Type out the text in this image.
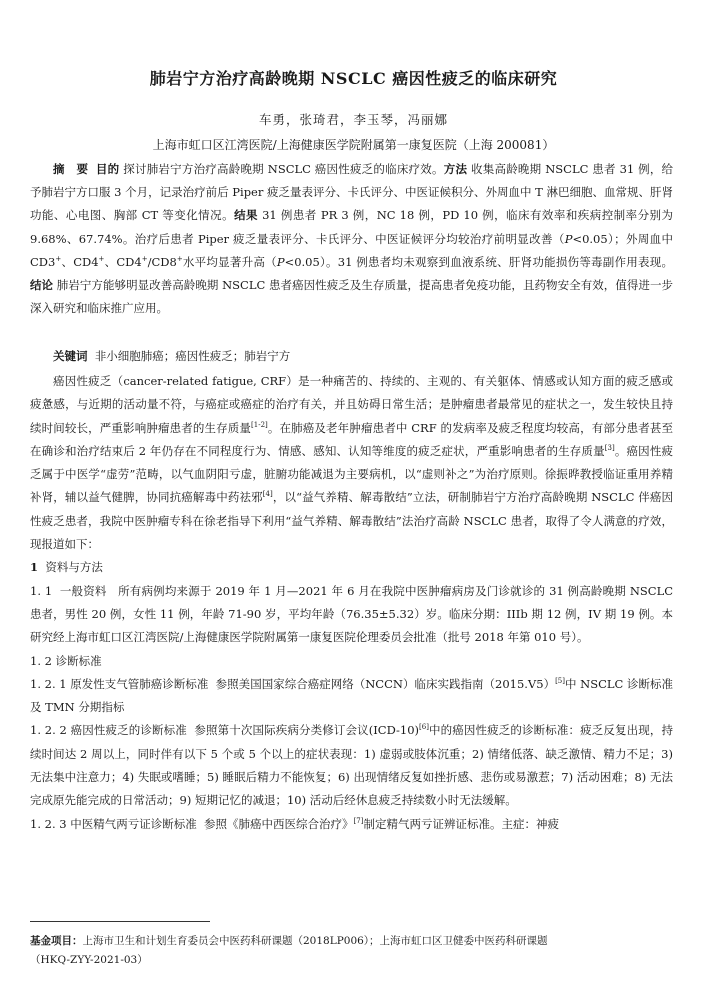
肺岩宁方治疗高龄晚期 NSCLC 癌因性疲乏的临床研究
车勇，张琦君，李玉琴，冯丽娜
上海市虹口区江湾医院/上海健康医学院附属第一康复医院（上海 200081）

摘　要 目的 探讨肺岩宁方治疗高龄晚期 NSCLC 癌因性疲乏的临床疗效。方法 收集高龄晚期 NSCLC 患者 31 例，给予肺岩宁方口服 3 个月，记录治疗前后 Piper 疲乏量表评分、卡氏评分、中医证候积分、外周血中 T 淋巴细胞、血常规、肝肾功能、心电图、胸部 CT 等变化情况。结果 31 例患者 PR 3 例，NC 18 例，PD 10 例，临床有效率和疾病控制率分别为 9.68%、67.74%。治疗后患者 Piper 疲乏量表评分、卡氏评分、中医证候评分均较治疗前明显改善（P<0.05）；外周血中 CD3+、CD4+、CD4+/CD8+水平均显著升高（P<0.05）。31 例患者均未观察到血液系统、肝肾功能损伤等毒副作用表现。结论 肺岩宁方能够明显改善高龄晚期 NSCLC 患者癌因性疲乏及生存质量，提高患者免疫功能，且药物安全有效，值得进一步深入研究和临床推广应用。

关键词 非小细胞肺癌；癌因性疲乏；肺岩宁方

癌因性疲乏（cancer-related fatigue, CRF）是一种痛苦的、持续的、主观的、有关躯体、情感或认知方面的疲乏感或疲惫感，与近期的活动量不符，与癌症或癌症的治疗有关，并且妨碍日常生活；是肿瘤患者最常见的症状之一，发生较快且持续时间较长，严重影响肿瘤患者的生存质量[1-2]。在肺癌及老年肿瘤患者中 CRF 的发病率及疲乏程度均较高，有部分患者甚至在确诊和治疗结束后 2 年仍存在不同程度行为、情感、感知、认知等维度的疲乏症状，严重影响患者的生存质量[3]。癌因性疲乏属于中医学“虚劳”范畴，以气血阴阳亏虚，脏腑功能减退为主要病机，以“虚则补之”为治疗原则。徐振晔教授临证重用养精补肾，辅以益气健脾，协同抗癌解毒中药祛邪[4]，以“益气养精、解毒散结”立法，研制肺岩宁方治疗高龄晚期 NSCLC 伴癌因性疲乏患者，我院中医肿瘤专科在徐老指导下利用“益气养精、解毒散结”法治疗高龄 NSCLC 患者，取得了令人满意的疗效，现报道如下：

1 资料与方法

1. 1 一般资料 所有病例均来源于 2019 年 1 月—2021 年 6 月在我院中医肿瘤病房及门诊就诊的 31 例高龄晚期 NSCLC 患者，男性 20 例，女性 11 例，年龄 71-90 岁，平均年龄（76.35±5.32）岁。临床分期：IIIb 期 12 例，IV 期 19 例。本研究经上海市虹口区江湾医院/上海健康医学院附属第一康复医院伦理委员会批准（批号 2018 年第 010 号）。

1. 2 诊断标准

1. 2. 1 原发性支气管肺癌诊断标准 参照美国国家综合癌症网络（NCCN）临床实践指南（2015.V5）[5]中 NSCLC 诊断标准及 TMN 分期指标

1. 2. 2 癌因性疲乏的诊断标准 参照第十次国际疾病分类修订会议(ICD-10)[6]中的癌因性疲乏的诊断标准：疲乏反复出现，持续时间达 2 周以上，同时伴有以下 5 个或 5 个以上的症状表现：1) 虚弱或肢体沉重；2) 情绪低落、缺乏激情、精力不足；3) 无法集中注意力；4) 失眠或嗜睡；5) 睡眠后精力不能恢复；6) 出现情绪反复如挫折感、悲伤或易激惹；7) 活动困难；8) 无法完成原先能完成的日常活动；9) 短期记忆的减退；10) 活动后经休息疲乏持续数小时无法缓解。

1. 2. 3 中医精气两亏证诊断标准 参照《肺癌中西医综合治疗》[7]制定精气两亏证辨证标准。主症：神疲

基金项目：上海市卫生和计划生育委员会中医药科研课题（2018LP006）；上海市虹口区卫健委中医药科研课题
（HKQ-ZYY-2021-03）
